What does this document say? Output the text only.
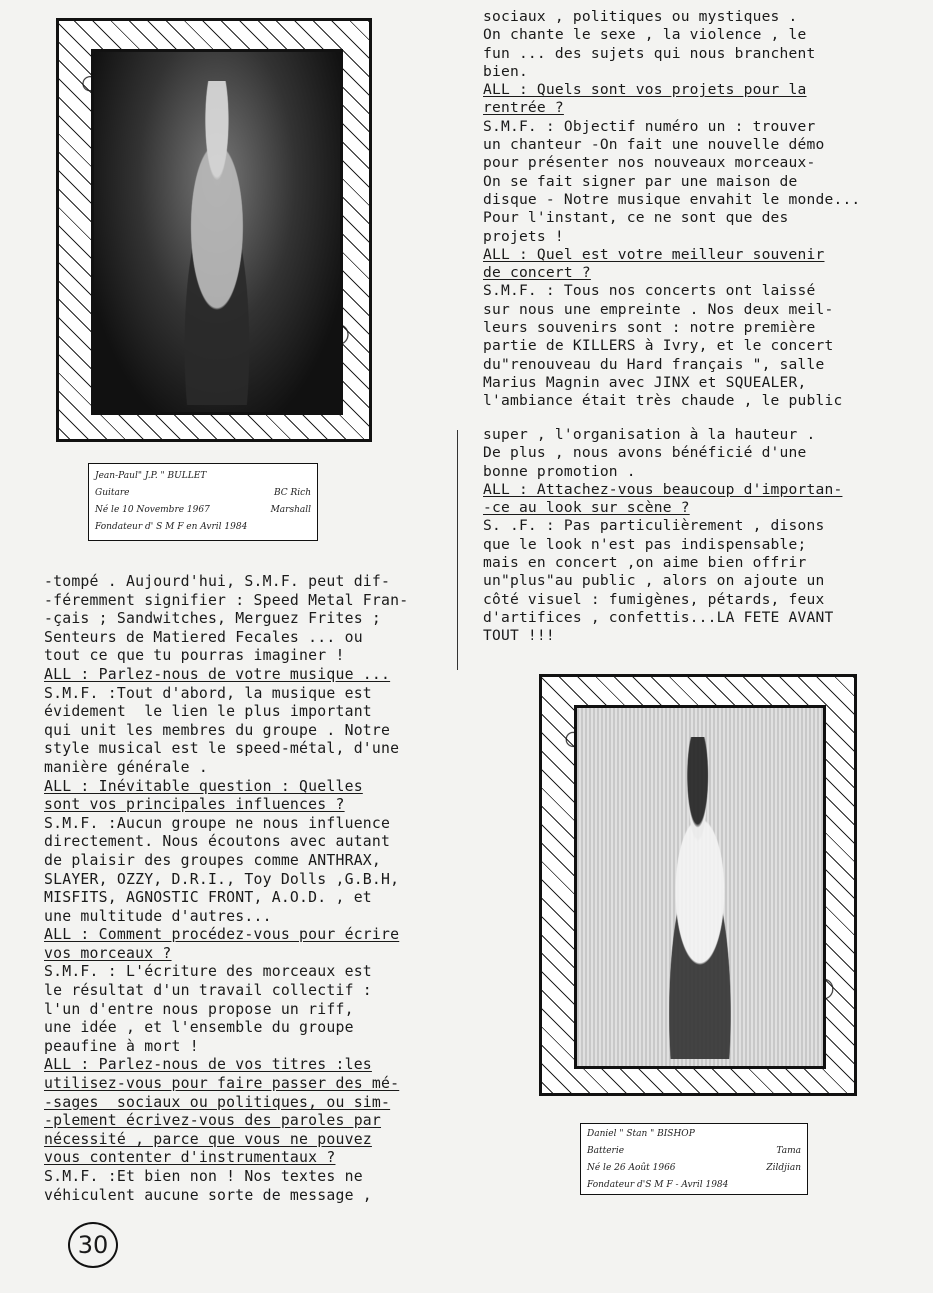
Jean-Paul" J.P. " BULLET
Guitare	BC Rich
Né le 10 Novembre 1967	Marshall
Fondateur d' S M F en Avril 1984

sociaux , politiques ou mystiques .

On chante le sexe , la violence , le

fun ... des sujets qui nous branchent

bien.

ALL : Quels sont vos projets pour la

rentrée ?

S.M.F. : Objectif numéro un : trouver

un chanteur -On fait une nouvelle démo

pour présenter nos nouveaux morceaux-

On se fait signer par une maison de

disque - Notre musique envahit le monde...

Pour l'instant, ce ne sont que des

projets !

ALL : Quel est votre meilleur souvenir

de concert ?

S.M.F. : Tous nos concerts ont laissé

sur nous une empreinte . Nos deux meil-

leurs souvenirs sont : notre première

partie de KILLERS à Ivry, et le concert

du"renouveau du Hard français ", salle

Marius Magnin avec JINX et SQUEALER,

l'ambiance était très chaude , le public

super , l'organisation à la hauteur .

De plus , nous avons bénéficié d'une

bonne promotion .

ALL : Attachez-vous beaucoup d'importan-

-ce au look sur scène ?

S. .F. : Pas particulièrement , disons

que le look n'est pas indispensable;

mais en concert ,on aime bien offrir

un"plus"au public , alors on ajoute un

côté visuel : fumigènes, pétards, feux

d'artifices , confettis...LA FETE AVANT

TOUT !!!

-tompé . Aujourd'hui, S.M.F. peut dif-

-féremment signifier : Speed Metal Fran-

-çais ; Sandwitches, Merguez Frites ;

Senteurs de Matiered Fecales ... ou

tout ce que tu pourras imaginer !

ALL : Parlez-nous de votre musique ...

S.M.F. :Tout d'abord, la musique est

évidement  le lien le plus important

qui unit les membres du groupe . Notre

style musical est le speed-métal, d'une

manière générale .

ALL : Inévitable question : Quelles

sont vos principales influences ?

S.M.F. :Aucun groupe ne nous influence

directement. Nous écoutons avec autant

de plaisir des groupes comme ANTHRAX,

SLAYER, OZZY, D.R.I., Toy Dolls ,G.B.H,

MISFITS, AGNOSTIC FRONT, A.O.D. , et

une multitude d'autres...

ALL : Comment procédez-vous pour écrire

vos morceaux ?

S.M.F. : L'écriture des morceaux est

le résultat d'un travail collectif :

l'un d'entre nous propose un riff,

une idée , et l'ensemble du groupe

peaufine à mort !

ALL : Parlez-nous de vos titres :les

utilisez-vous pour faire passer des mé-

-sages  sociaux ou politiques, ou sim-

-plement écrivez-vous des paroles par

nécessité , parce que vous ne pouvez

vous contenter d'instrumentaux ?

S.M.F. :Et bien non ! Nos textes ne

véhiculent aucune sorte de message ,

Daniel " Stan " BISHOP
Batterie	Tama
Né le 26 Août 1966	Zildjian
Fondateur d'S M F - Avril 1984
30
